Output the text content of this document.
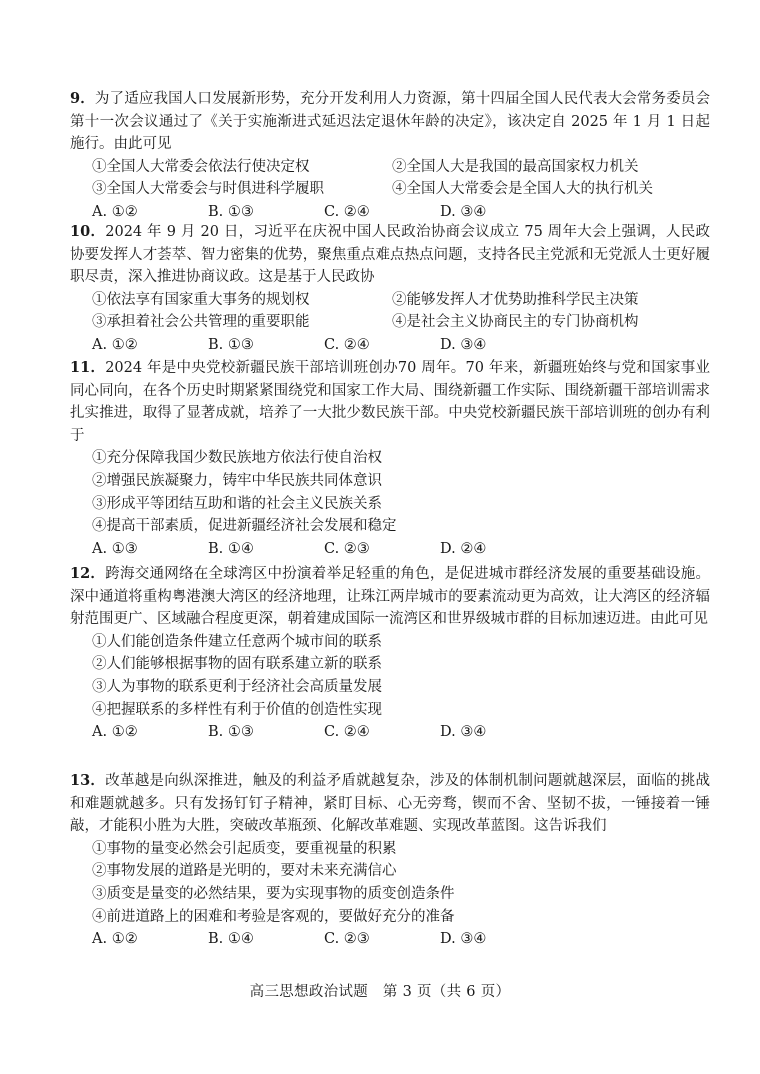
9．为了适应我国人口发展新形势，充分开发利用人力资源，第十四届全国人民代表大会常务委员会第十一次会议通过了《关于实施渐进式延迟法定退休年龄的决定》，该决定自 2025 年 1 月 1 日起施行。由此可见

①全国人大常委会依法行使决定权	②全国人大是我国的最高国家权力机关
③全国人大常委会与时俱进科学履职	④全国人大常委会是全国人大的执行机关
A. ①②	B. ①③	C. ②④	D. ③④

10．2024 年 9 月 20 日，习近平在庆祝中国人民政治协商会议成立 75 周年大会上强调，人民政协要发挥人才荟萃、智力密集的优势，聚焦重点难点热点问题，支持各民主党派和无党派人士更好履职尽责，深入推进协商议政。这是基于人民政协

①依法享有国家重大事务的规划权	②能够发挥人才优势助推科学民主决策
③承担着社会公共管理的重要职能	④是社会主义协商民主的专门协商机构
A. ①②	B. ①③	C. ②④	D. ③④

11．2024 年是中央党校新疆民族干部培训班创办70 周年。70 年来，新疆班始终与党和国家事业同心同向，在各个历史时期紧紧围绕党和国家工作大局、围绕新疆工作实际、围绕新疆干部培训需求扎实推进，取得了显著成就，培养了一大批少数民族干部。中央党校新疆民族干部培训班的创办有利于

①充分保障我国少数民族地方依法行使自治权
②增强民族凝聚力，铸牢中华民族共同体意识
③形成平等团结互助和谐的社会主义民族关系
④提高干部素质，促进新疆经济社会发展和稳定
A. ①③	B. ①④	C. ②③	D. ②④

12．跨海交通网络在全球湾区中扮演着举足轻重的角色，是促进城市群经济发展的重要基础设施。深中通道将重构粤港澳大湾区的经济地理，让珠江两岸城市的要素流动更为高效，让大湾区的经济辐射范围更广、区域融合程度更深，朝着建成国际一流湾区和世界级城市群的目标加速迈进。由此可见

①人们能创造条件建立任意两个城市间的联系
②人们能够根据事物的固有联系建立新的联系
③人为事物的联系更利于经济社会高质量发展
④把握联系的多样性有利于价值的创造性实现
A. ①②	B. ①③	C. ②④	D. ③④

13．改革越是向纵深推进，触及的利益矛盾就越复杂，涉及的体制机制问题就越深层，面临的挑战和难题就越多。只有发扬钉钉子精神，紧盯目标、心无旁骛，锲而不舍、坚韧不拔，一锤接着一锤敲，才能积小胜为大胜，突破改革瓶颈、化解改革难题、实现改革蓝图。这告诉我们

①事物的量变必然会引起质变，要重视量的积累
②事物发展的道路是光明的，要对未来充满信心
③质变是量变的必然结果，要为实现事物的质变创造条件
④前进道路上的困难和考验是客观的，要做好充分的准备
A. ①②	B. ①④	C. ②③	D. ③④
高三思想政治试题　第 3 页（共 6 页）
